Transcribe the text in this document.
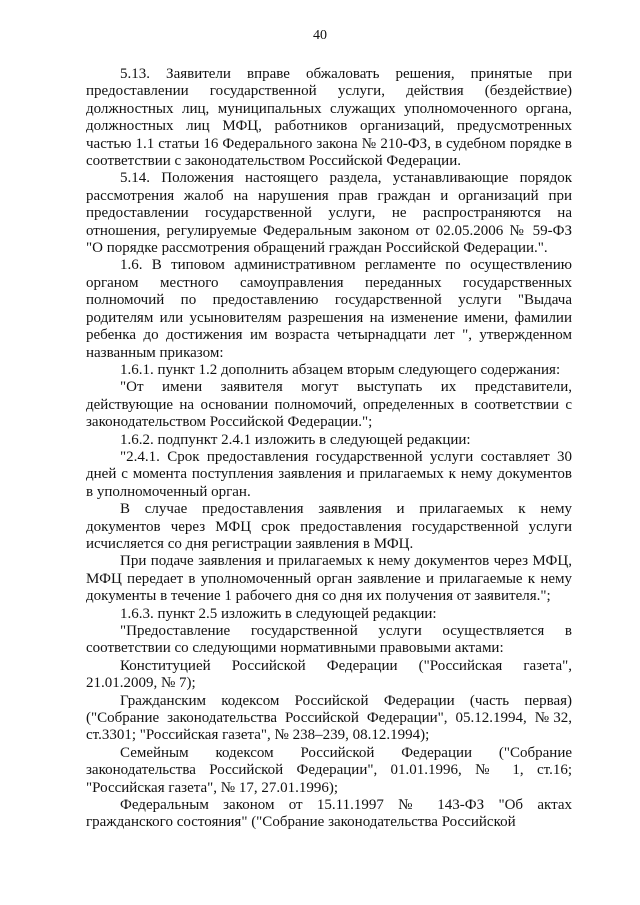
40

5.13. Заявители вправе обжаловать решения, принятые при предоставлении государственной услуги, действия (бездействие) должностных лиц, муниципальных служащих уполномоченного органа, должностных лиц МФЦ, работников организаций, предусмотренных частью 1.1 статьи 16 Федерального закона № 210-ФЗ, в судебном порядке в соответствии с законодательством Российской Федерации.

5.14. Положения настоящего раздела, устанавливающие порядок рассмотрения жалоб на нарушения прав граждан и организаций при предоставлении государственной услуги, не распространяются на отношения, регулируемые Федеральным законом от 02.05.2006 № 59-ФЗ "О порядке рассмотрения обращений граждан Российской Федерации.".

1.6. В типовом административном регламенте по осуществлению органом местного самоуправления переданных государственных полномочий по предоставлению государственной услуги "Выдача родителям или усыновителям разрешения на изменение имени, фамилии ребенка до достижения им возраста четырнадцати лет ", утвержденном названным приказом:

1.6.1. пункт 1.2 дополнить абзацем вторым следующего содержания:

"От имени заявителя могут выступать их представители, действующие на основании полномочий, определенных в соответствии с законодательством Российской Федерации.";

1.6.2. подпункт 2.4.1 изложить в следующей редакции:

"2.4.1. Срок предоставления государственной услуги составляет 30 дней с момента поступления заявления и прилагаемых к нему документов в уполномоченный орган.

В случае предоставления заявления и прилагаемых к нему документов через МФЦ срок предоставления государственной услуги исчисляется со дня регистрации заявления в МФЦ.

При подаче заявления и прилагаемых к нему документов через МФЦ, МФЦ передает в уполномоченный орган заявление и прилагаемые к нему документы в течение 1 рабочего дня со дня их получения от заявителя.";

1.6.3. пункт 2.5 изложить в следующей редакции:

"Предоставление государственной услуги осуществляется в соответствии со следующими нормативными правовыми актами:

Конституцией Российской Федерации ("Российская газета", 21.01.2009, № 7);

Гражданским кодексом Российской Федерации (часть первая) ("Собрание законодательства Российской Федерации", 05.12.1994, №32, ст.3301; "Российская газета", № 238–239, 08.12.1994);

Семейным кодексом Российской Федерации ("Собрание законодательства Российской Федерации", 01.01.1996, № 1, ст.16; "Российская газета", № 17, 27.01.1996);

Федеральным законом от 15.11.1997 № 143-ФЗ "Об актах гражданского состояния" ("Собрание законодательства Российской
